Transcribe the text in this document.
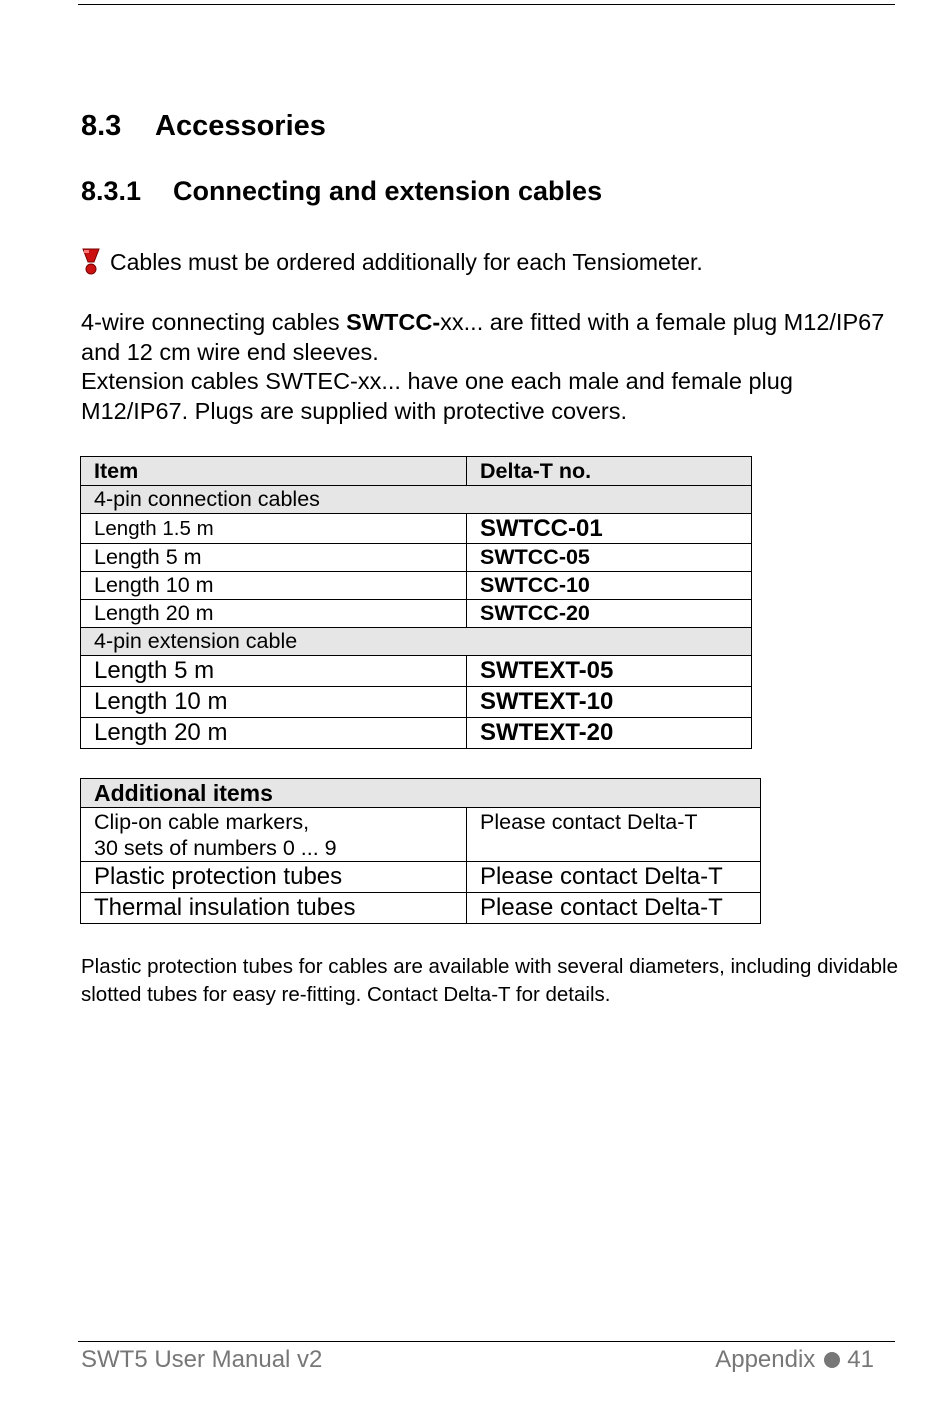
8.3 Accessories
8.3.1 Connecting and extension cables
Cables must be ordered additionally for each Tensiometer.

4-wire connecting cables SWTCC-xx... are fitted with a female plug M12/IP67 and 12 cm wire end sleeves.

Extension cables SWTEC-xx... have one each male and female plug M12/IP67. Plugs are supplied with protective covers.

Item	Delta-T no.
4-pin connection cables	
Length 1.5 m	SWTCC-01
Length 5 m	SWTCC-05
Length 10 m	SWTCC-10
Length 20 m	SWTCC-20
4-pin extension cable	
Length 5 m	SWTEXT-05
Length 10 m	SWTEXT-10
Length 20 m	SWTEXT-20
Additional items	

Clip-on cable markers,
30 sets of numbers 0 ... 9	Please contact Delta-T
Plastic protection tubes	Please contact Delta-T
Thermal insulation tubes	Please contact Delta-T

Plastic protection tubes for cables are available with several diameters, including dividable slotted tubes for easy re-fitting. Contact Delta-T for details.

SWT5 User Manual v2	Appendix 41
